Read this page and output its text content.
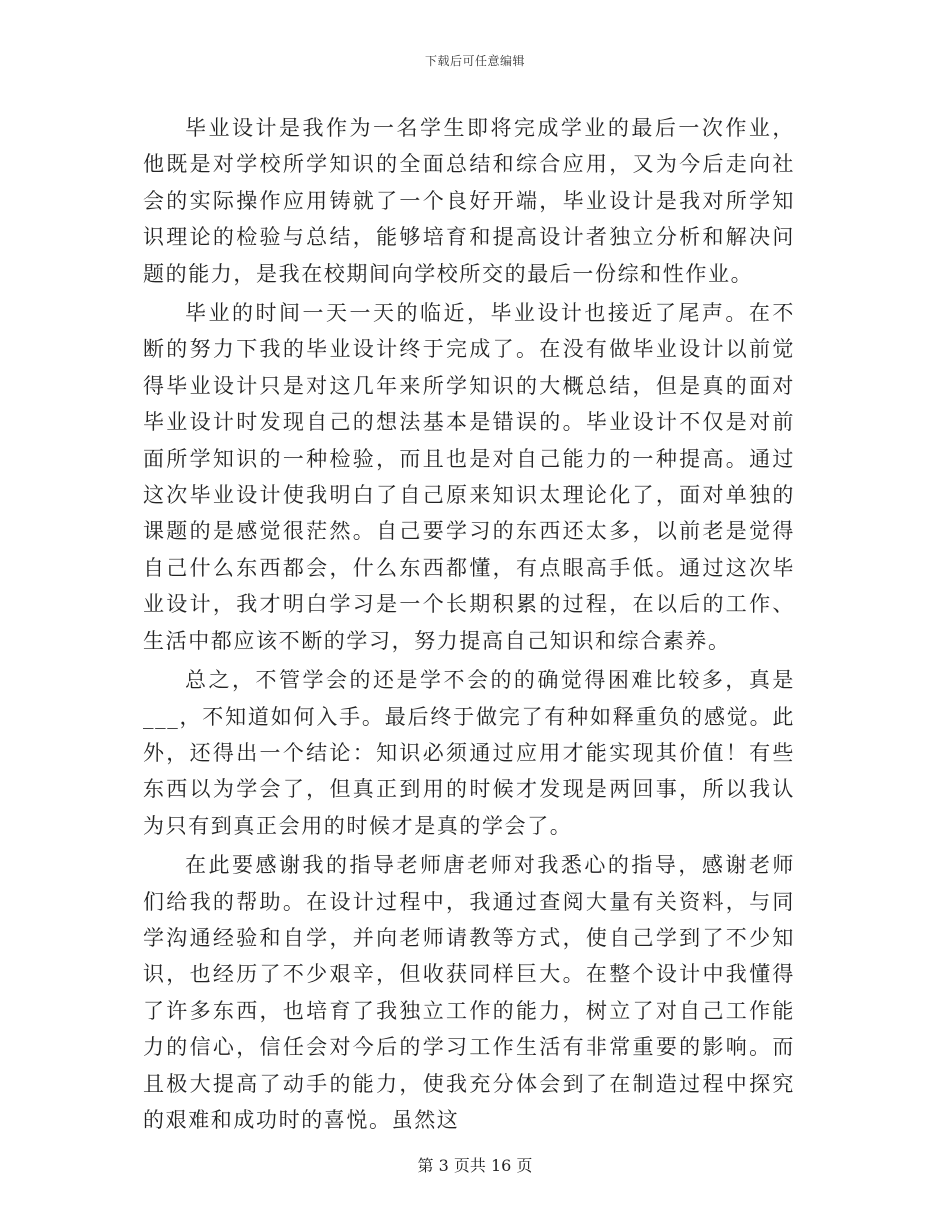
下载后可任意编辑

毕业设计是我作为一名学生即将完成学业的最后一次作业，他既是对学校所学知识的全面总结和综合应用，又为今后走向社会的实际操作应用铸就了一个良好开端，毕业设计是我对所学知识理论的检验与总结，能够培育和提高设计者独立分析和解决问题的能力，是我在校期间向学校所交的最后一份综和性作业。

毕业的时间一天一天的临近，毕业设计也接近了尾声。在不断的努力下我的毕业设计终于完成了。在没有做毕业设计以前觉得毕业设计只是对这几年来所学知识的大概总结，但是真的面对毕业设计时发现自己的想法基本是错误的。毕业设计不仅是对前面所学知识的一种检验，而且也是对自己能力的一种提高。通过这次毕业设计使我明白了自己原来知识太理论化了，面对单独的课题的是感觉很茫然。自己要学习的东西还太多，以前老是觉得自己什么东西都会，什么东西都懂，有点眼高手低。通过这次毕业设计，我才明白学习是一个长期积累的过程，在以后的工作、生活中都应该不断的学习，努力提高自己知识和综合素养。

总之，不管学会的还是学不会的的确觉得困难比较多，真是___，不知道如何入手。最后终于做完了有种如释重负的感觉。此外，还得出一个结论：知识必须通过应用才能实现其价值！有些东西以为学会了，但真正到用的时候才发现是两回事，所以我认为只有到真正会用的时候才是真的学会了。

在此要感谢我的指导老师唐老师对我悉心的指导，感谢老师们给我的帮助。在设计过程中，我通过查阅大量有关资料，与同学沟通经验和自学，并向老师请教等方式，使自己学到了不少知识，也经历了不少艰辛，但收获同样巨大。在整个设计中我懂得了许多东西，也培育了我独立工作的能力，树立了对自己工作能力的信心，信任会对今后的学习工作生活有非常重要的影响。而且极大提高了动手的能力，使我充分体会到了在制造过程中探究的艰难和成功时的喜悦。虽然这

第 3 页共 16 页
